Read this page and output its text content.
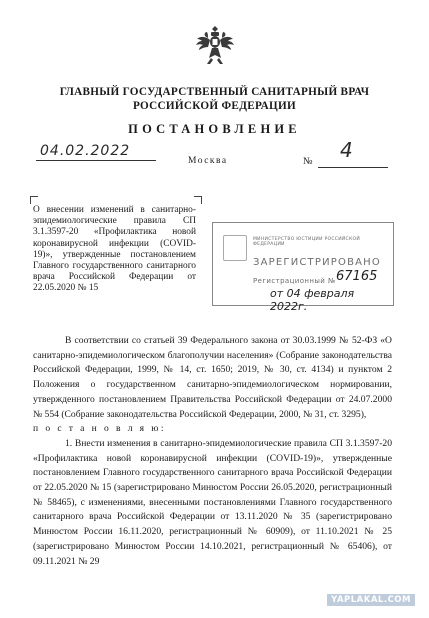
ГЛАВНЫЙ ГОСУДАРСТВЕННЫЙ САНИТАРНЫЙ ВРАЧ
РОССИЙСКОЙ ФЕДЕРАЦИИ
ПОСТАНОВЛЕНИЕ
04.02.2022
Москва	№ 4
О внесении изменений в санитарно-эпидемиологические правила СП 3.1.3597-20 «Профилактика новой коронавирусной инфекции (COVID-19)», утвержденные постановлением Главного государственного санитарного врача Российской Федерации от 22.05.2020 № 15
МИНИСТЕРСТВО ЮСТИЦИИ РОССИЙСКОЙ ФЕДЕРАЦИИ
ЗАРЕГИСТРИРОВАНО
Регистрационный № 67165
от 04 февраля 2022г.

В соответствии со статьей 39 Федерального закона от 30.03.1999 № 52-ФЗ «О санитарно-эпидемиологическом благополучии населения» (Собрание законодательства Российской Федерации, 1999, № 14, ст. 1650; 2019, № 30, ст. 4134) и пунктом 2 Положения о государственном санитарно-эпидемиологическом нормировании, утвержденного постановлением Правительства Российской Федерации от 24.07.2000 № 554 (Собрание законодательства Российской Федерации, 2000, № 31, ст. 3295),

п о с т а н о в л я ю:

1. Внести изменения в санитарно-эпидемиологические правила СП 3.1.3597-20 «Профилактика новой коронавирусной инфекции (COVID-19)», утвержденные постановлением Главного государственного санитарного врача Российской Федерации от 22.05.2020 № 15 (зарегистрировано Минюстом России 26.05.2020, регистрационный № 58465), с изменениями, внесенными постановлениями Главного государственного санитарного врача Российской Федерации от 13.11.2020 № 35 (зарегистрировано Минюстом России 16.11.2020, регистрационный № 60909), от 11.10.2021 № 25 (зарегистрировано Минюстом России 14.10.2021, регистрационный № 65406), от 09.11.2021 № 29

YAPLAKAL.COM
